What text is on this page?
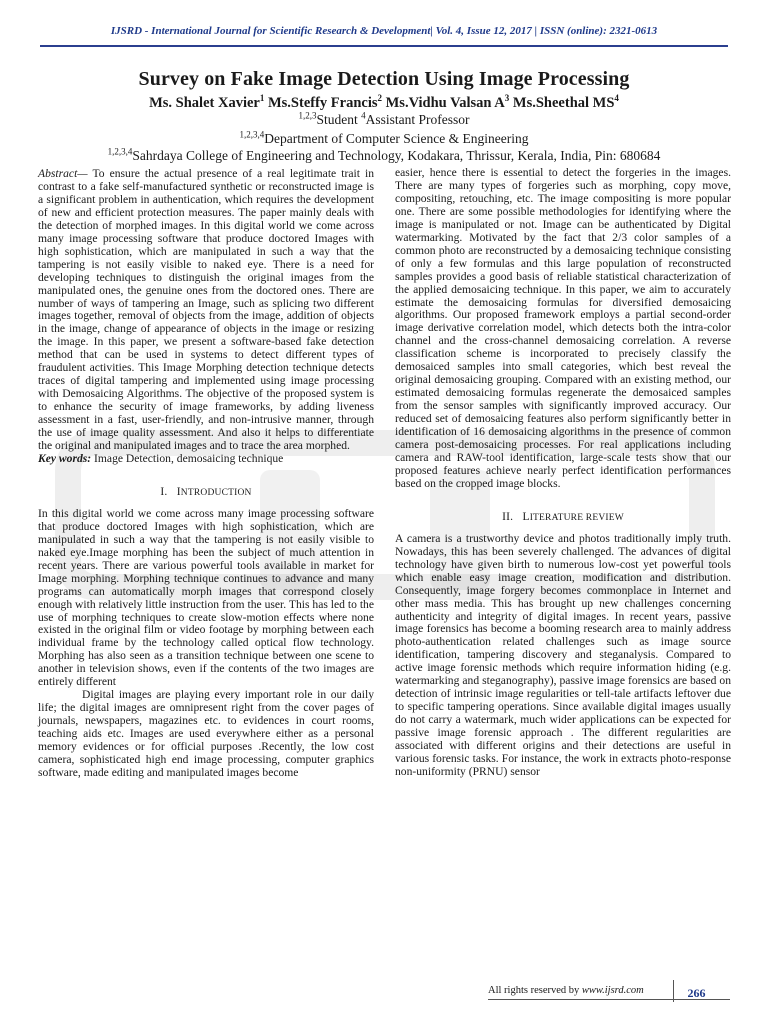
IJSRD - International Journal for Scientific Research & Development| Vol. 4, Issue 12, 2017 | ISSN (online): 2321-0613
Survey on Fake Image Detection Using Image Processing
Ms. Shalet Xavier$^1$ Ms.Steffy Francis$^2$ Ms.Vidhu Valsan $A^3$ Ms.Sheethal $MS^4$
$^{1,2,3}$Student $^4$Assistant Professor
$^{1,2,3,4}$Department of Computer Science & Engineering
$^{1,2,3,4}$Sahrdaya College of Engineering and Technology, Kodakara, Thrissur, Kerala, India, Pin: 680684

Abstract— To ensure the actual presence of a real legitimate trait in contrast to a fake self-manufactured synthetic or reconstructed image is a significant problem in authentication, which requires the development of new and efficient protection measures. The paper mainly deals with the detection of morphed images. In this digital world we come across many image processing software that produce doctored Images with high sophistication, which are manipulated in such a way that the tampering is not easily visible to naked eye. There is a need for developing techniques to distinguish the original images from the manipulated ones, the genuine ones from the doctored ones. There are number of ways of tampering an Image, such as splicing two different images together, removal of objects from the image, addition of objects in the image, change of appearance of objects in the image or resizing the image. In this paper, we present a software-based fake detection method that can be used in systems to detect different types of fraudulent activities. This Image Morphing detection technique detects traces of digital tampering and implemented using image processing with Demosaicing Algorithms. The objective of the proposed system is to enhance the security of image frameworks, by adding liveness assessment in a fast, user-friendly, and non-intrusive manner, through the use of image quality assessment. And also it helps to differentiate the original and manipulated images and to trace the area morphed.

Key words: Image Detection, demosaicing technique

I. INTRODUCTION

In this digital world we come across many image processing software that produce doctored Images with high sophistication, which are manipulated in such a way that the tampering is not easily visible to naked eye.Image morphing has been the subject of much attention in recent years. There are various powerful tools available in market for Image morphing. Morphing technique continues to advance and many programs can automatically morph images that correspond closely enough with relatively little instruction from the user. This has led to the use of morphing techniques to create slow-motion effects where none existed in the original film or video footage by morphing between each individual frame by the technology called optical flow technology. Morphing has also seen as a transition technique between one scene to another in television shows, even if the contents of the two images are entirely different

Digital images are playing every important role in our daily life; the digital images are omnipresent right from the cover pages of journals, newspapers, magazines etc. to evidences in court rooms, teaching aids etc. Images are used everywhere either as a personal memory evidences or for official purposes .Recently, the low cost camera, sophisticated high end image processing, computer graphics software, made editing and manipulated images become

easier, hence there is essential to detect the forgeries in the images. There are many types of forgeries such as morphing, copy move, compositing, retouching, etc. The image compositing is more popular one. There are some possible methodologies for identifying where the image is manipulated or not. Image can be authenticated by Digital watermarking. Motivated by the fact that 2/3 color samples of a common photo are reconstructed by a demosaicing technique consisting of only a few formulas and this large population of reconstructed samples provides a good basis of reliable statistical characterization of the applied demosaicing technique. In this paper, we aim to accurately estimate the demosaicing formulas for diversified demosaicing algorithms. Our proposed framework employs a partial second-order image derivative correlation model, which detects both the intra-color channel and the cross-channel demosaicing correlation. A reverse classification scheme is incorporated to precisely classify the demosaiced samples into small categories, which best reveal the original demosaicing grouping. Compared with an existing method, our estimated demosaicing formulas regenerate the demosaiced samples from the sensor samples with significantly improved accuracy. Our reduced set of demosaicing features also perform significantly better in identification of 16 demosaicing algorithms in the presence of common camera post-demosaicing processes. For real applications including camera and RAW-tool identification, large-scale tests show that our proposed features achieve nearly perfect identification performances based on the cropped image blocks.

II. LITERATURE REVIEW

A camera is a trustworthy device and photos traditionally imply truth. Nowadays, this has been severely challenged. The advances of digital technology have given birth to numerous low-cost yet powerful tools which enable easy image creation, modification and distribution. Consequently, image forgery becomes commonplace in Internet and other mass media. This has brought up new challenges concerning authenticity and integrity of digital images. In recent years, passive image forensics has become a booming research area to mainly address photo-authentication related challenges such as image source identification, tampering discovery and steganalysis. Compared to active image forensic methods which require information hiding (e.g. watermarking and steganography), passive image forensics are based on detection of intrinsic image regularities or tell-tale artifacts leftover due to specific tampering operations. Since available digital images usually do not carry a watermark, much wider applications can be expected for passive image forensic approach . The different regularities are associated with different origins and their detections are useful in various forensic tasks. For instance, the work in extracts photo-response non-uniformity (PRNU) sensor

All rights reserved by www.ijsrd.com	266
